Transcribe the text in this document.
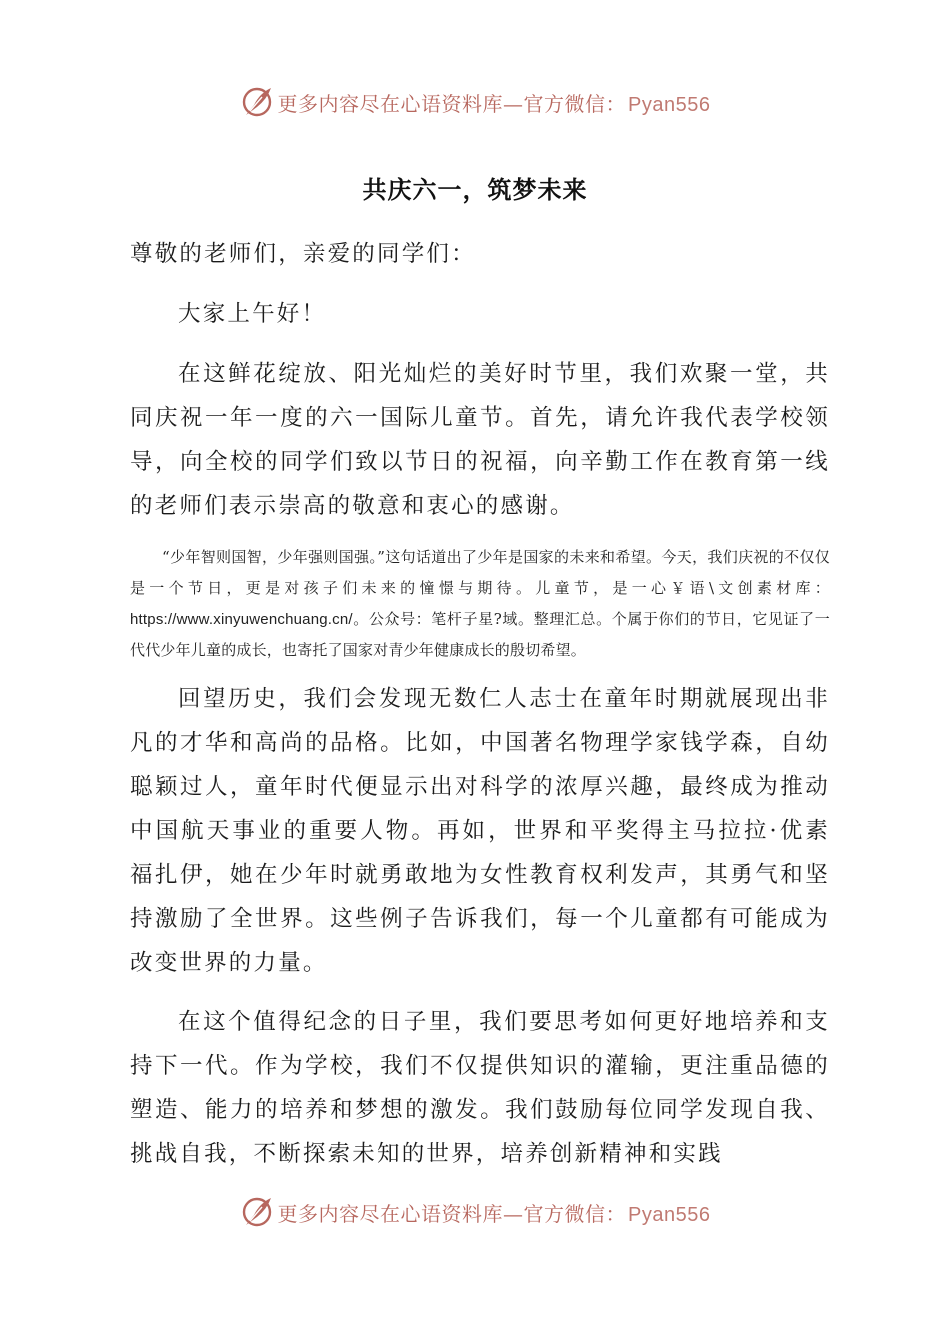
更多内容尽在心语资料库—官方微信： Pyan556
共庆六一，筑梦未来

尊敬的老师们，亲爱的同学们：

大家上午好！

在这鲜花绽放、阳光灿烂的美好时节里，我们欢聚一堂，共同庆祝一年一度的六一国际儿童节。首先，请允许我代表学校领导，向全校的同学们致以节日的祝福，向辛勤工作在教育第一线的老师们表示崇高的敬意和衷心的感谢。

“少年智则国智，少年强则国强。”这句话道出了少年是国家的未来和希望。今天，我们庆祝的不仅仅是一个节日，更是对孩子们未来的憧憬与期待。儿童节，是一心￥语\文创素材库：https://www.xinyuwenchuang.cn/。公众号：笔杆子星?域。整理汇总。个属于你们的节日，它见证了一代代少年儿童的成长，也寄托了国家对青少年健康成长的殷切希望。

回望历史，我们会发现无数仁人志士在童年时期就展现出非凡的才华和高尚的品格。比如，中国著名物理学家钱学森，自幼聪颖过人，童年时代便显示出对科学的浓厚兴趣，最终成为推动中国航天事业的重要人物。再如，世界和平奖得主马拉拉·优素福扎伊，她在少年时就勇敢地为女性教育权利发声，其勇气和坚持激励了全世界。这些例子告诉我们，每一个儿童都有可能成为改变世界的力量。

在这个值得纪念的日子里，我们要思考如何更好地培养和支持下一代。作为学校，我们不仅提供知识的灌输，更注重品德的塑造、能力的培养和梦想的激发。我们鼓励每位同学发现自我、挑战自我，不断探索未知的世界，培养创新精神和实践

更多内容尽在心语资料库—官方微信： Pyan556
